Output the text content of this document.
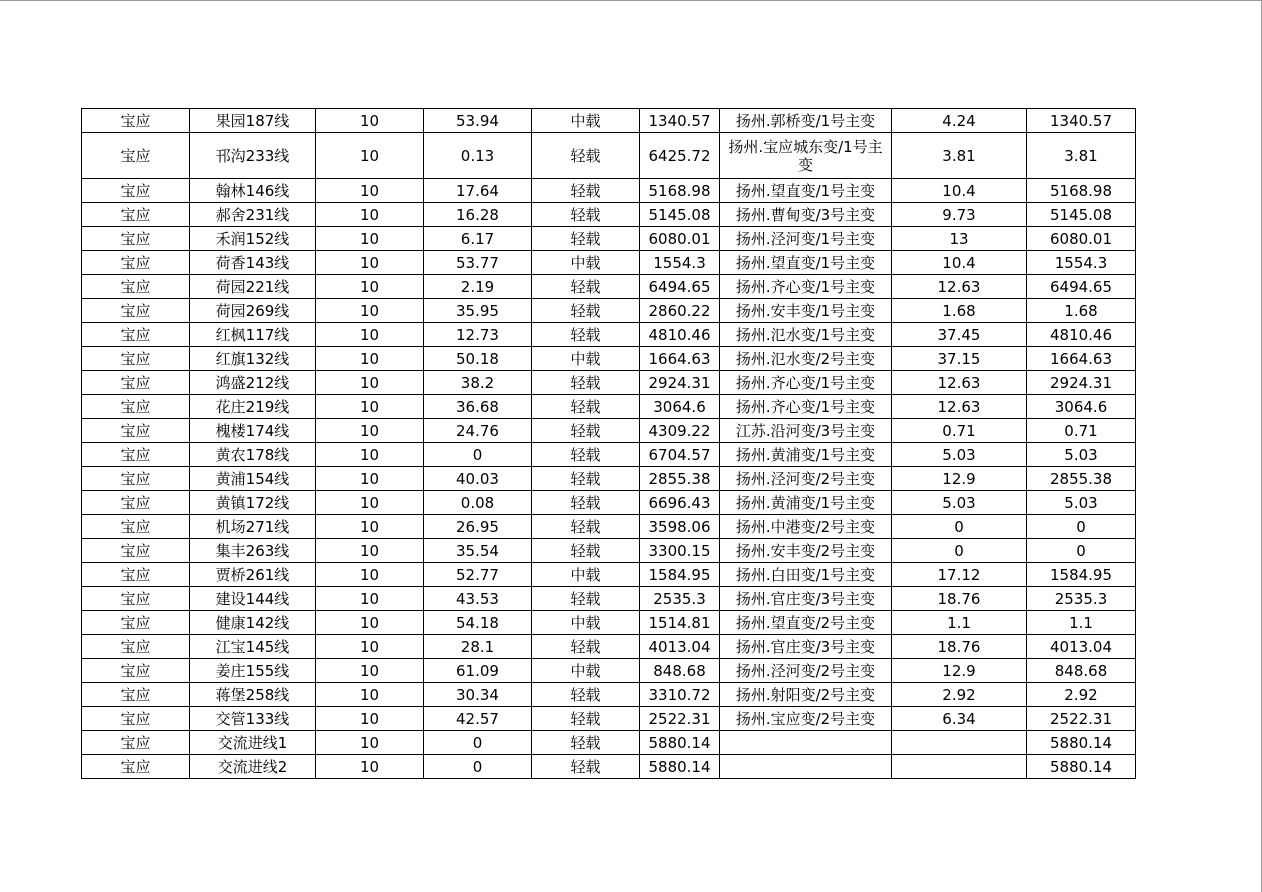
宝应	果园187线	10	53.94	中载	1340.57	扬州.郭桥变/1号主变	4.24	1340.57
宝应	邗沟233线	10	0.13	轻载	6425.72	扬州.宝应城东变/1号主变	3.81	3.81
宝应	翰林146线	10	17.64	轻载	5168.98	扬州.望直变/1号主变	10.4	5168.98
宝应	郝舍231线	10	16.28	轻载	5145.08	扬州.曹甸变/3号主变	9.73	5145.08
宝应	禾润152线	10	6.17	轻载	6080.01	扬州.泾河变/1号主变	13	6080.01
宝应	荷香143线	10	53.77	中载	1554.3	扬州.望直变/1号主变	10.4	1554.3
宝应	荷园221线	10	2.19	轻载	6494.65	扬州.齐心变/1号主变	12.63	6494.65
宝应	荷园269线	10	35.95	轻载	2860.22	扬州.安丰变/1号主变	1.68	1.68
宝应	红枫117线	10	12.73	轻载	4810.46	扬州.氾水变/1号主变	37.45	4810.46
宝应	红旗132线	10	50.18	中载	1664.63	扬州.氾水变/2号主变	37.15	1664.63
宝应	鸿盛212线	10	38.2	轻载	2924.31	扬州.齐心变/1号主变	12.63	2924.31
宝应	花庄219线	10	36.68	轻载	3064.6	扬州.齐心变/1号主变	12.63	3064.6
宝应	槐楼174线	10	24.76	轻载	4309.22	江苏.沿河变/3号主变	0.71	0.71
宝应	黄农178线	10	0	轻载	6704.57	扬州.黄浦变/1号主变	5.03	5.03
宝应	黄浦154线	10	40.03	轻载	2855.38	扬州.泾河变/2号主变	12.9	2855.38
宝应	黄镇172线	10	0.08	轻载	6696.43	扬州.黄浦变/1号主变	5.03	5.03
宝应	机场271线	10	26.95	轻载	3598.06	扬州.中港变/2号主变	0	0
宝应	集丰263线	10	35.54	轻载	3300.15	扬州.安丰变/2号主变	0	0
宝应	贾桥261线	10	52.77	中载	1584.95	扬州.白田变/1号主变	17.12	1584.95
宝应	建设144线	10	43.53	轻载	2535.3	扬州.官庄变/3号主变	18.76	2535.3
宝应	健康142线	10	54.18	中载	1514.81	扬州.望直变/2号主变	1.1	1.1
宝应	江宝145线	10	28.1	轻载	4013.04	扬州.官庄变/3号主变	18.76	4013.04
宝应	姜庄155线	10	61.09	中载	848.68	扬州.泾河变/2号主变	12.9	848.68
宝应	蒋堡258线	10	30.34	轻载	3310.72	扬州.射阳变/2号主变	2.92	2.92
宝应	交管133线	10	42.57	轻载	2522.31	扬州.宝应变/2号主变	6.34	2522.31
宝应	交流进线1	10	0	轻载	5880.14			5880.14
宝应	交流进线2	10	0	轻载	5880.14			5880.14
